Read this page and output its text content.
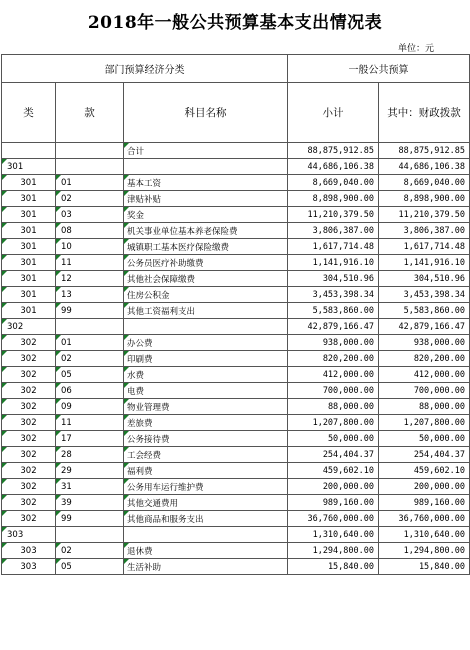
2018年一般公共预算基本支出情况表
单位：元
部门预算经济分类			一般公共预算	
类	款	科目名称	小计	其中：财政拨款
		合计	88,875,912.85	88,875,912.85
301			44,686,106.38	44,686,106.38
301	01	基本工资	8,669,040.00	8,669,040.00
301	02	津贴补贴	8,898,900.00	8,898,900.00
301	03	奖金	11,210,379.50	11,210,379.50
301	08	机关事业单位基本养老保险费	3,806,387.00	3,806,387.00
301	10	城镇职工基本医疗保险缴费	1,617,714.48	1,617,714.48
301	11	公务员医疗补助缴费	1,141,916.10	1,141,916.10
301	12	其他社会保障缴费	304,510.96	304,510.96
301	13	住房公积金	3,453,398.34	3,453,398.34
301	99	其他工资福利支出	5,583,860.00	5,583,860.00
302			42,879,166.47	42,879,166.47
302	01	办公费	938,000.00	938,000.00
302	02	印刷费	820,200.00	820,200.00
302	05	水费	412,000.00	412,000.00
302	06	电费	700,000.00	700,000.00
302	09	物业管理费	88,000.00	88,000.00
302	11	差旅费	1,207,800.00	1,207,800.00
302	17	公务接待费	50,000.00	50,000.00
302	28	工会经费	254,404.37	254,404.37
302	29	福利费	459,602.10	459,602.10
302	31	公务用车运行维护费	200,000.00	200,000.00
302	39	其他交通费用	989,160.00	989,160.00
302	99	其他商品和服务支出	36,760,000.00	36,760,000.00
303			1,310,640.00	1,310,640.00
303	02	退休费	1,294,800.00	1,294,800.00
303	05	生活补助	15,840.00	15,840.00
